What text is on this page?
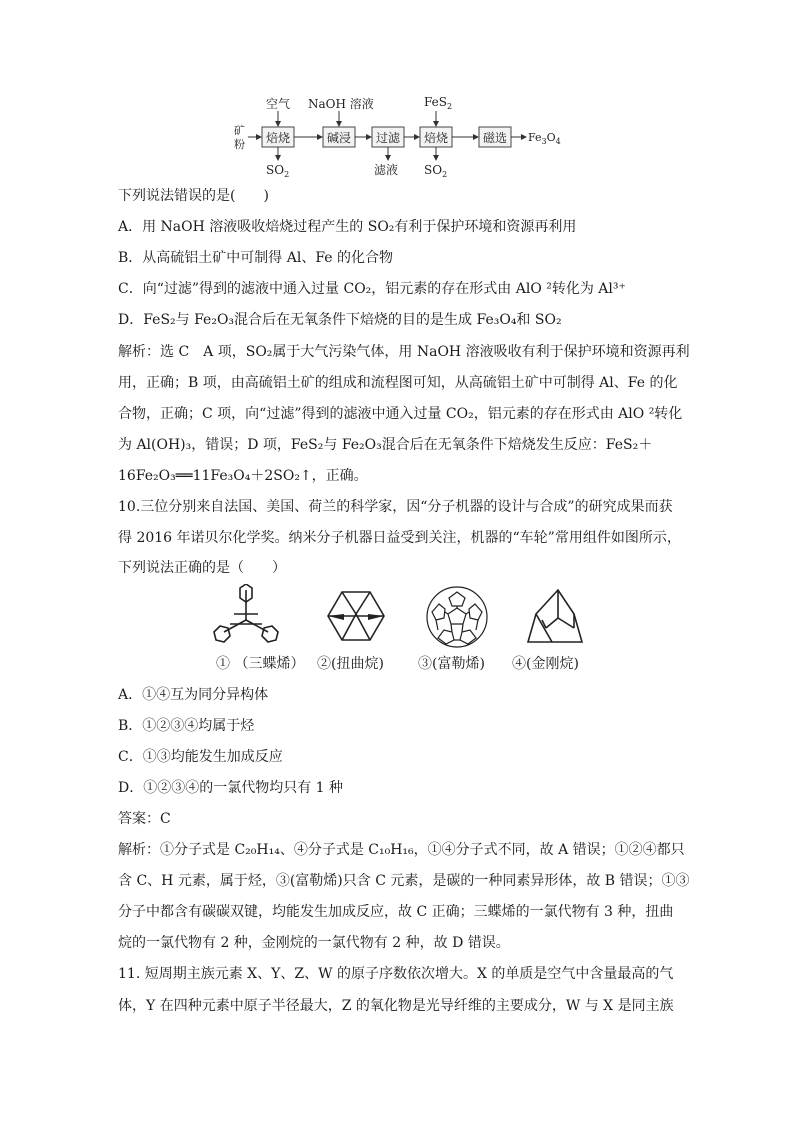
矿
粉 焙烧	碱浸 过滤 焙烧	磁选 $Fe_3O_4$
空气 NaOH 溶液	FeS$_2$
$SO_2$	滤液 $SO_2$
下列说法错误的是(　　)
A．用 NaOH 溶液吸收焙烧过程产生的 SO₂有利于保护环境和资源再利用
B．从高硫铝土矿中可制得 Al、Fe 的化合物
C．向“过滤”得到的滤液中通入过量 CO₂，铝元素的存在形式由 AlO ²转化为 Al³⁺
D．FeS₂与 Fe₂O₃混合后在无氧条件下焙烧的目的是生成 Fe₃O₄和 SO₂
解析：选 C　A 项，SO₂属于大气污染气体，用 NaOH 溶液吸收有利于保护环境和资源再利
用，正确；B 项，由高硫铝土矿的组成和流程图可知，从高硫铝土矿中可制得 Al、Fe 的化
合物，正确；C 项，向“过滤”得到的滤液中通入过量 CO₂，铝元素的存在形式由 AlO ²转化
为 Al(OH)₃，错误；D 项，FeS₂与 Fe₂O₃混合后在无氧条件下焙烧发生反应：FeS₂＋
16Fe₂O₃══11Fe₃O₄＋2SO₂↑，正确。
10.三位分别来自法国、美国、荷兰的科学家，因“分子机器的设计与合成”的研究成果而获
得 2016 年诺贝尔化学奖。纳米分子机器日益受到关注，机器的“车轮”常用组件如图所示，
下列说法正确的是（　　）
① （三蝶烯） ②(扭曲烷) ③(富勒烯) ④(金刚烷)
A．①④互为同分异构体
B．①②③④均属于烃
C．①③均能发生加成反应
D．①②③④的一氯代物均只有 1 种
答案：C
解析：①分子式是 C₂₀H₁₄、④分子式是 C₁₀H₁₆，①④分子式不同，故 A 错误；①②④都只
含 C、H 元素，属于烃，③(富勒烯)只含 C 元素，是碳的一种同素异形体，故 B 错误；①③
分子中都含有碳碳双键，均能发生加成反应，故 C 正确；三蝶烯的一氯代物有 3 种，扭曲
烷的一氯代物有 2 种，金刚烷的一氯代物有 2 种，故 D 错误。
11. 短周期主族元素 X、Y、Z、W 的原子序数依次增大。X 的单质是空气中含量最高的气
体，Y 在四种元素中原子半径最大，Z 的氧化物是光导纤维的主要成分，W 与 X 是同主族
